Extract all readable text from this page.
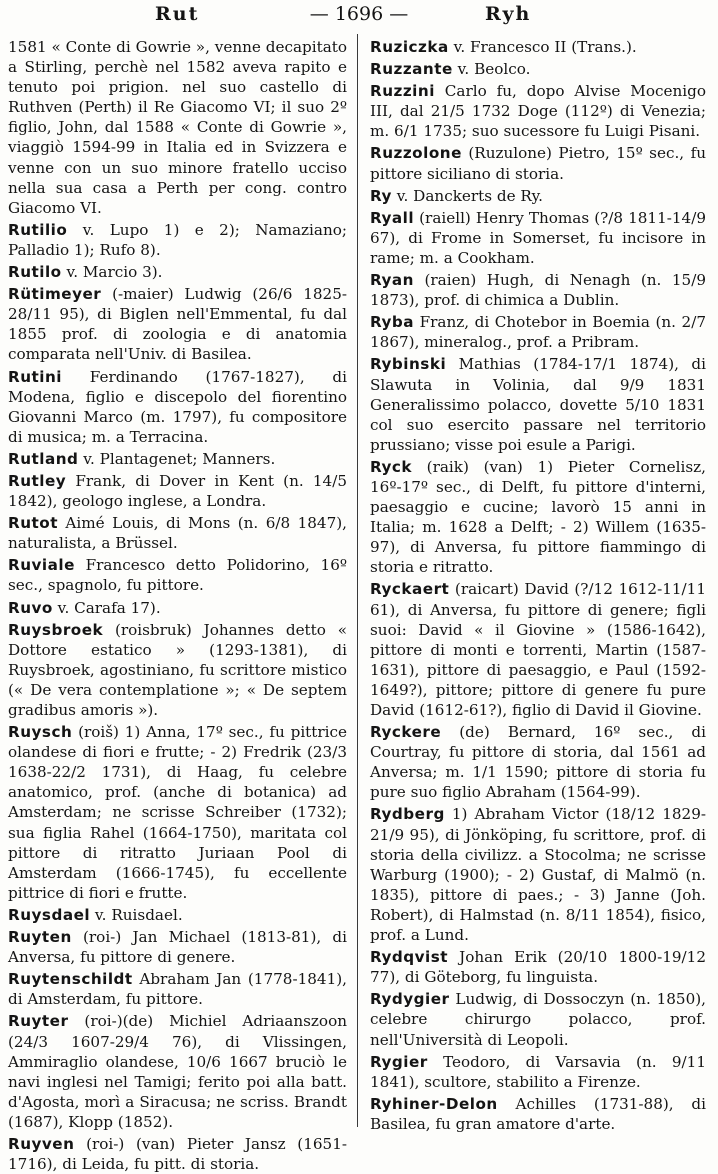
Rut	— 1696 —	Ryh

1581 « Conte di Gowrie », venne decapitato a Stirling, perchè nel 1582 aveva rapito e tenuto poi prigion. nel suo castello di Ruthven (Perth) il Re Giacomo VI; il suo 2º figlio, John, dal 1588 « Conte di Gowrie », viaggiò 1594-99 in Italia ed in Svizzera e venne con un suo minore fratello ucciso nella sua casa a Perth per cong. contro Giacomo VI.

Rutilio v. Lupo 1) e 2); Namaziano; Palladio 1); Rufo 8).

Rutilo v. Marcio 3).

Rütimeyer (-maier) Ludwig (26/6 1825-28/11 95), di Biglen nell'Emmental, fu dal 1855 prof. di zoologia e di anatomia comparata nell'Univ. di Basilea.

Rutini Ferdinando (1767-1827), di Modena, figlio e discepolo del fiorentino Giovanni Marco (m. 1797), fu compositore di musica; m. a Terracina.

Rutland v. Plantagenet; Manners.

Rutley Frank, di Dover in Kent (n. 14/5 1842), geologo inglese, a Londra.

Rutot Aimé Louis, di Mons (n. 6/8 1847), naturalista, a Brüssel.

Ruviale Francesco detto Polidorino, 16º sec., spagnolo, fu pittore.

Ruvo v. Carafa 17).

Ruysbroek (roisbruk) Johannes detto « Dottore estatico » (1293-1381), di Ruysbroek, agostiniano, fu scrittore mistico (« De vera contemplatione »; « De septem gradibus amoris »).

Ruysch (roiš) 1) Anna, 17º sec., fu pittrice olandese di fiori e frutte; - 2) Fredrik (23/3 1638-22/2 1731), di Haag, fu celebre anatomico, prof. (anche di botanica) ad Amsterdam; ne scrisse Schreiber (1732); sua figlia Rahel (1664-1750), maritata col pittore di ritratto Juriaan Pool di Amsterdam (1666-1745), fu eccellente pittrice di fiori e frutte.

Ruysdael v. Ruisdael.

Ruyten (roi-) Jan Michael (1813-81), di Anversa, fu pittore di genere.

Ruytenschildt Abraham Jan (1778-1841), di Amsterdam, fu pittore.

Ruyter (roi-)(de) Michiel Adriaanszoon (24/3 1607-29/4 76), di Vlissingen, Ammiraglio olandese, 10/6 1667 bruciò le navi inglesi nel Tamigi; ferito poi alla batt. d'Agosta, morì a Siracusa; ne scriss. Brandt (1687), Klopp (1852).

Ruyven (roi-) (van) Pieter Jansz (1651-1716), di Leida, fu pitt. di storia.

Ruziczka v. Francesco II (Trans.).

Ruzzante v. Beolco.

Ruzzini Carlo fu, dopo Alvise Mocenigo III, dal 21/5 1732 Doge (112º) di Venezia; m. 6/1 1735; suo sucessore fu Luigi Pisani.

Ruzzolone (Ruzulone) Pietro, 15º sec., fu pittore siciliano di storia.

Ry v. Danckerts de Ry.

Ryall (raiell) Henry Thomas (?/8 1811-14/9 67), di Frome in Somerset, fu incisore in rame; m. a Cookham.

Ryan (raien) Hugh, di Nenagh (n. 15/9 1873), prof. di chimica a Dublin.

Ryba Franz, di Chotebor in Boemia (n. 2/7 1867), mineralog., prof. a Pribram.

Rybinski Mathias (1784-17/1 1874), di Slawuta in Volinia, dal 9/9 1831 Generalissimo polacco, dovette 5/10 1831 col suo esercito passare nel territorio prussiano; visse poi esule a Parigi.

Ryck (raik) (van) 1) Pieter Cornelisz, 16º-17º sec., di Delft, fu pittore d'interni, paesaggio e cucine; lavorò 15 anni in Italia; m. 1628 a Delft; - 2) Willem (1635-97), di Anversa, fu pittore fiammingo di storia e ritratto.

Ryckaert (raicart) David (?/12 1612-11/11 61), di Anversa, fu pittore di genere; figli suoi: David « il Giovine » (1586-1642), pittore di monti e torrenti, Martin (1587-1631), pittore di paesaggio, e Paul (1592-1649?), pittore; pittore di genere fu pure David (1612-61?), figlio di David il Giovine.

Ryckere (de) Bernard, 16º sec., di Courtray, fu pittore di storia, dal 1561 ad Anversa; m. 1/1 1590; pittore di storia fu pure suo figlio Abraham (1564-99).

Rydberg 1) Abraham Victor (18/12 1829-21/9 95), di Jönköping, fu scrittore, prof. di storia della civilizz. a Stocolma; ne scrisse Warburg (1900); - 2) Gustaf, di Malmö (n. 1835), pittore di paes.; - 3) Janne (Joh. Robert), di Halmstad (n. 8/11 1854), fisico, prof. a Lund.

Rydqvist Johan Erik (20/10 1800-19/12 77), di Göteborg, fu linguista.

Rydygier Ludwig, di Dossoczyn (n. 1850), celebre chirurgo polacco, prof. nell'Università di Leopoli.

Rygier Teodoro, di Varsavia (n. 9/11 1841), scultore, stabilito a Firenze.

Ryhiner-Delon Achilles (1731-88), di Basilea, fu gran amatore d'arte.
